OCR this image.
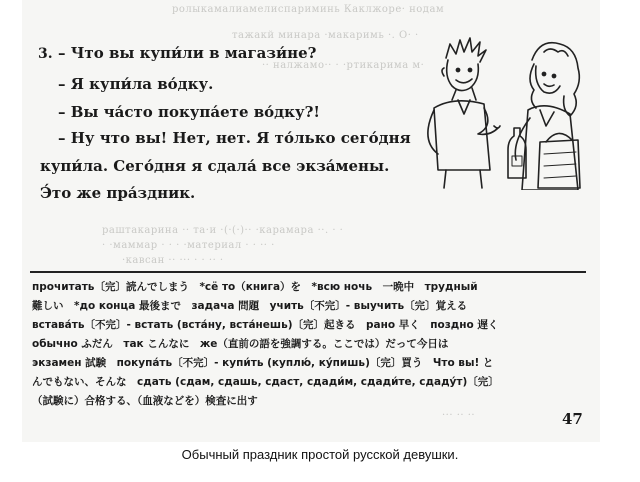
ролыкамалиамелиспариминь Каклжоре· нодам
тажакй минара ·макаримь ·. О· ·
·· налжамо·· · ·ртикарима м·
раштакарина ·· та·и ·(·(·)·· ·карамара ··. · ·
· ·маммар · · · ·материал · · ·· ·
·кавсан ·· ··· · · ·· ·
··· ·· ··
3. – Что вы купи́ли в магази́не?
– Я купи́ла во́дку.
– Вы ча́сто покупа́ете во́дку?!
– Ну что вы! Нет, нет. Я то́лько сего́дня
купи́ла. Сего́дня я сдала́ все экза́мены.
Э́то же пра́здник.
прочитать〔完〕読んでしまう　*сё тo（книга）を　*всю ночь　一晩中　трудный
難しい　*до конца 最後まで　задача 問題　учить〔不完〕- выучить〔完〕覚える
встава́ть〔不完〕- встать (вста́ну, вста́нешь)〔完〕起きる　рано 早く　поздно 遅く
обычно ふだん　так こんなに　же（直前の語を強調する。ここでは）だって今日は
экзамен 試験　покупа́ть〔不完〕- купи́ть (куплю́, ку́пишь)〔完〕買う　Что вы! と
んでもない、そんな　сдать (сдам, сдашь, сдаст, сдади́м, сдади́те, сдаду́т)〔完〕
（試験に）合格する、（血液などを）検査に出す
47
Обычный праздник простой русской девушки.
